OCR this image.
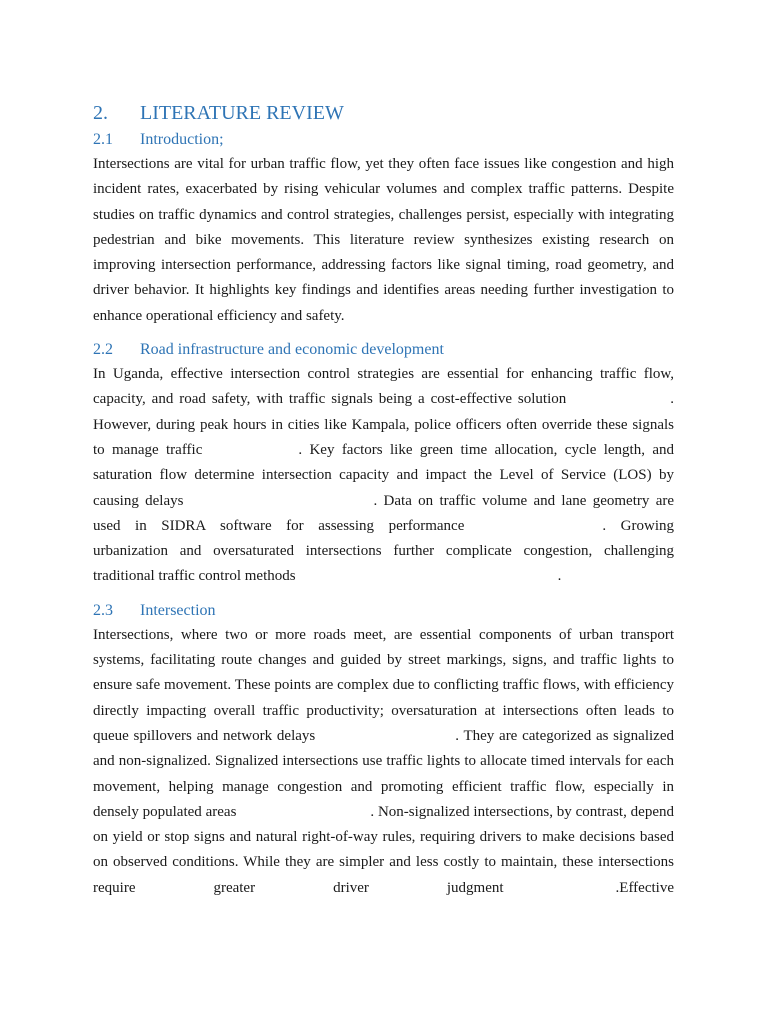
2.	LITERATURE REVIEW
2.1	Introduction;

Intersections are vital for urban traffic flow, yet they often face issues like congestion and high incident rates, exacerbated by rising vehicular volumes and complex traffic patterns. Despite studies on traffic dynamics and control strategies, challenges persist, especially with integrating pedestrian and bike movements. This literature review synthesizes existing research on improving intersection performance, addressing factors like signal timing, road geometry, and driver behavior. It highlights key findings and identifies areas needing further investigation to enhance operational efficiency and safety.

2.2	Road infrastructure and economic development

In Uganda, effective intersection control strategies are essential for enhancing traffic flow, capacity, and road safety, with traffic signals being a cost-effective solution	. However, during peak hours in cities like Kampala, police officers often override these signals to manage traffic	. Key factors like green time allocation, cycle length, and saturation flow determine intersection capacity and impact the Level of Service (LOS) by causing delays	. Data on traffic volume and lane geometry are used in SIDRA software for assessing performance	. Growing urbanization and oversaturated intersections further complicate congestion, challenging traditional traffic control methods	.

2.3	Intersection

Intersections, where two or more roads meet, are essential components of urban transport systems, facilitating route changes and guided by street markings, signs, and traffic lights to ensure safe movement. These points are complex due to conflicting traffic flows, with efficiency directly impacting overall traffic productivity; oversaturation at intersections often leads to queue spillovers and network delays	. They are categorized as signalized and non-signalized. Signalized intersections use traffic lights to allocate timed intervals for each movement, helping manage congestion and promoting efficient traffic flow, especially in densely populated areas	. Non-signalized intersections, by contrast, depend on yield or stop signs and natural right-of-way rules, requiring drivers to make decisions based on observed conditions. While they are simpler and less costly to maintain, these intersections require greater driver judgment	.Effective
